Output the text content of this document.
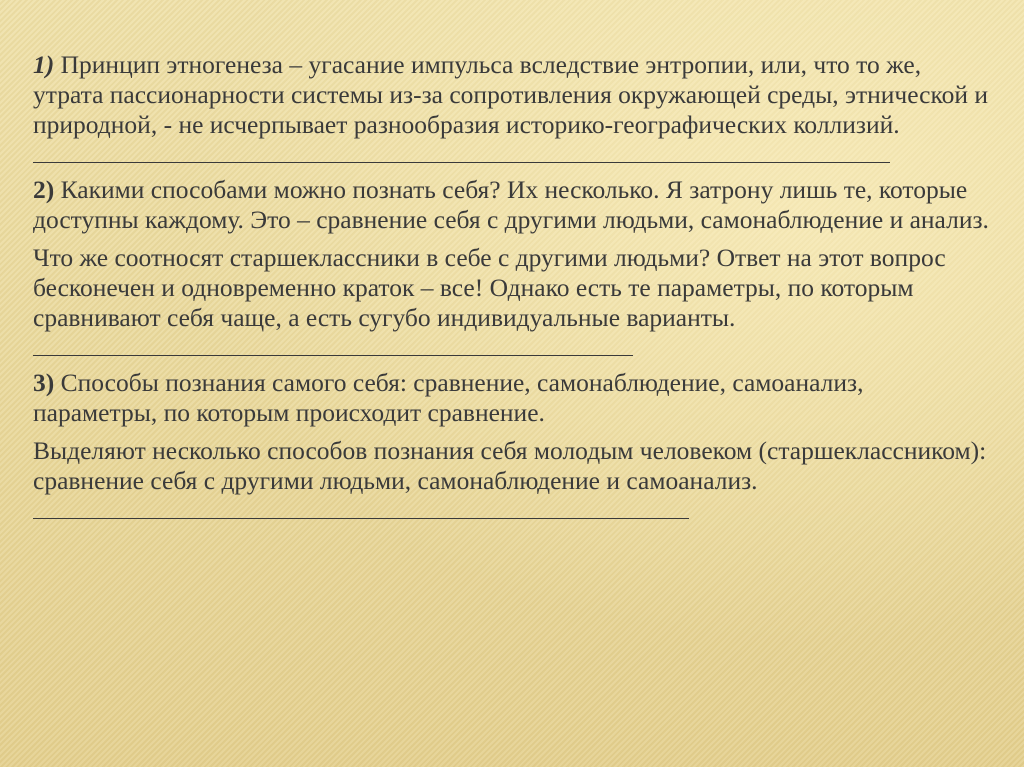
1) Принцип этногенеза – угасание импульса вследствие энтропии, или, что то же, утрата пассионарности системы из-за сопротивления окружающей среды, этнической и природной, - не исчерпывает разнообразия историко-географических коллизий.

2) Какими способами можно познать себя? Их несколько. Я затрону лишь те, которые доступны каждому. Это – сравнение себя с другими людьми, самонаблюдение и анализ.

Что же соотносят старшеклассники в себе с другими людьми? Ответ на этот вопрос бесконечен и одновременно краток – все! Однако есть те параметры, по которым сравнивают себя чаще, а есть сугубо индивидуальные варианты.

3) Способы познания самого себя: сравнение, самонаблюдение, самоанализ, параметры, по которым происходит сравнение.

Выделяют несколько способов познания себя молодым человеком (старшеклассником): сравнение себя с другими людьми, самонаблюдение и самоанализ.
